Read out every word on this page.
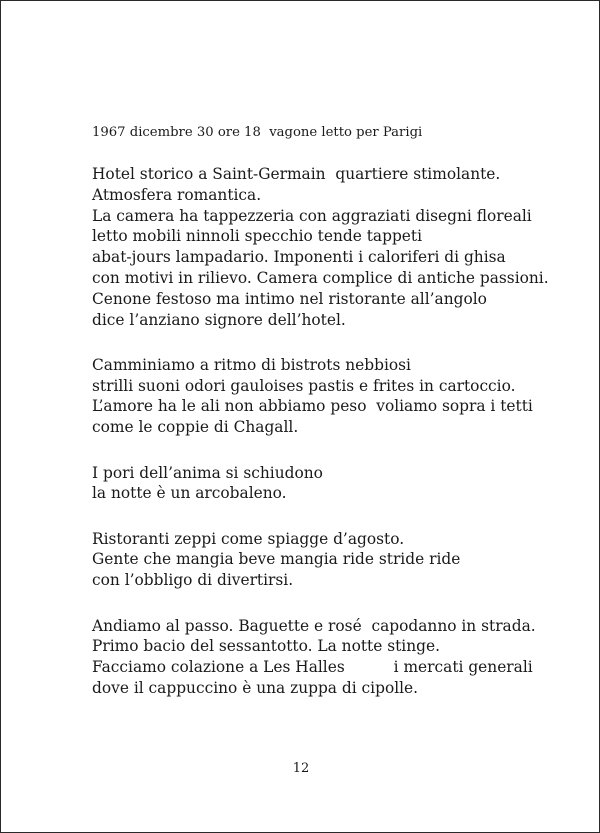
1967 dicembre 30 ore 18  vagone letto per Parigi
Hotel storico a Saint-Germain  quartiere stimolante.
Atmosfera romantica.
La camera ha tappezzeria con aggraziati disegni floreali
letto mobili ninnoli specchio tende tappeti
abat-jours lampadario. Imponenti i caloriferi di ghisa
con motivi in rilievo. Camera complice di antiche passioni.
Cenone festoso ma intimo nel ristorante all’angolo
dice l’anziano signore dell’hotel.
Camminiamo a ritmo di bistrots nebbiosi
strilli suoni odori gauloises pastis e frites in cartoccio.
L’amore ha le ali non abbiamo peso  voliamo sopra i tetti
come le coppie di Chagall.
I pori dell’anima si schiudono
la notte è un arcobaleno.
Ristoranti zeppi come spiagge d’agosto.
Gente che mangia beve mangia ride stride ride
con l’obbligo di divertirsi.
Andiamo al passo. Baguette e rosé  capodanno in strada.
Primo bacio del sessantotto. La notte stinge.
Facciamo colazione a Les Halles          i mercati generali
dove il cappuccino è una zuppa di cipolle.
12
